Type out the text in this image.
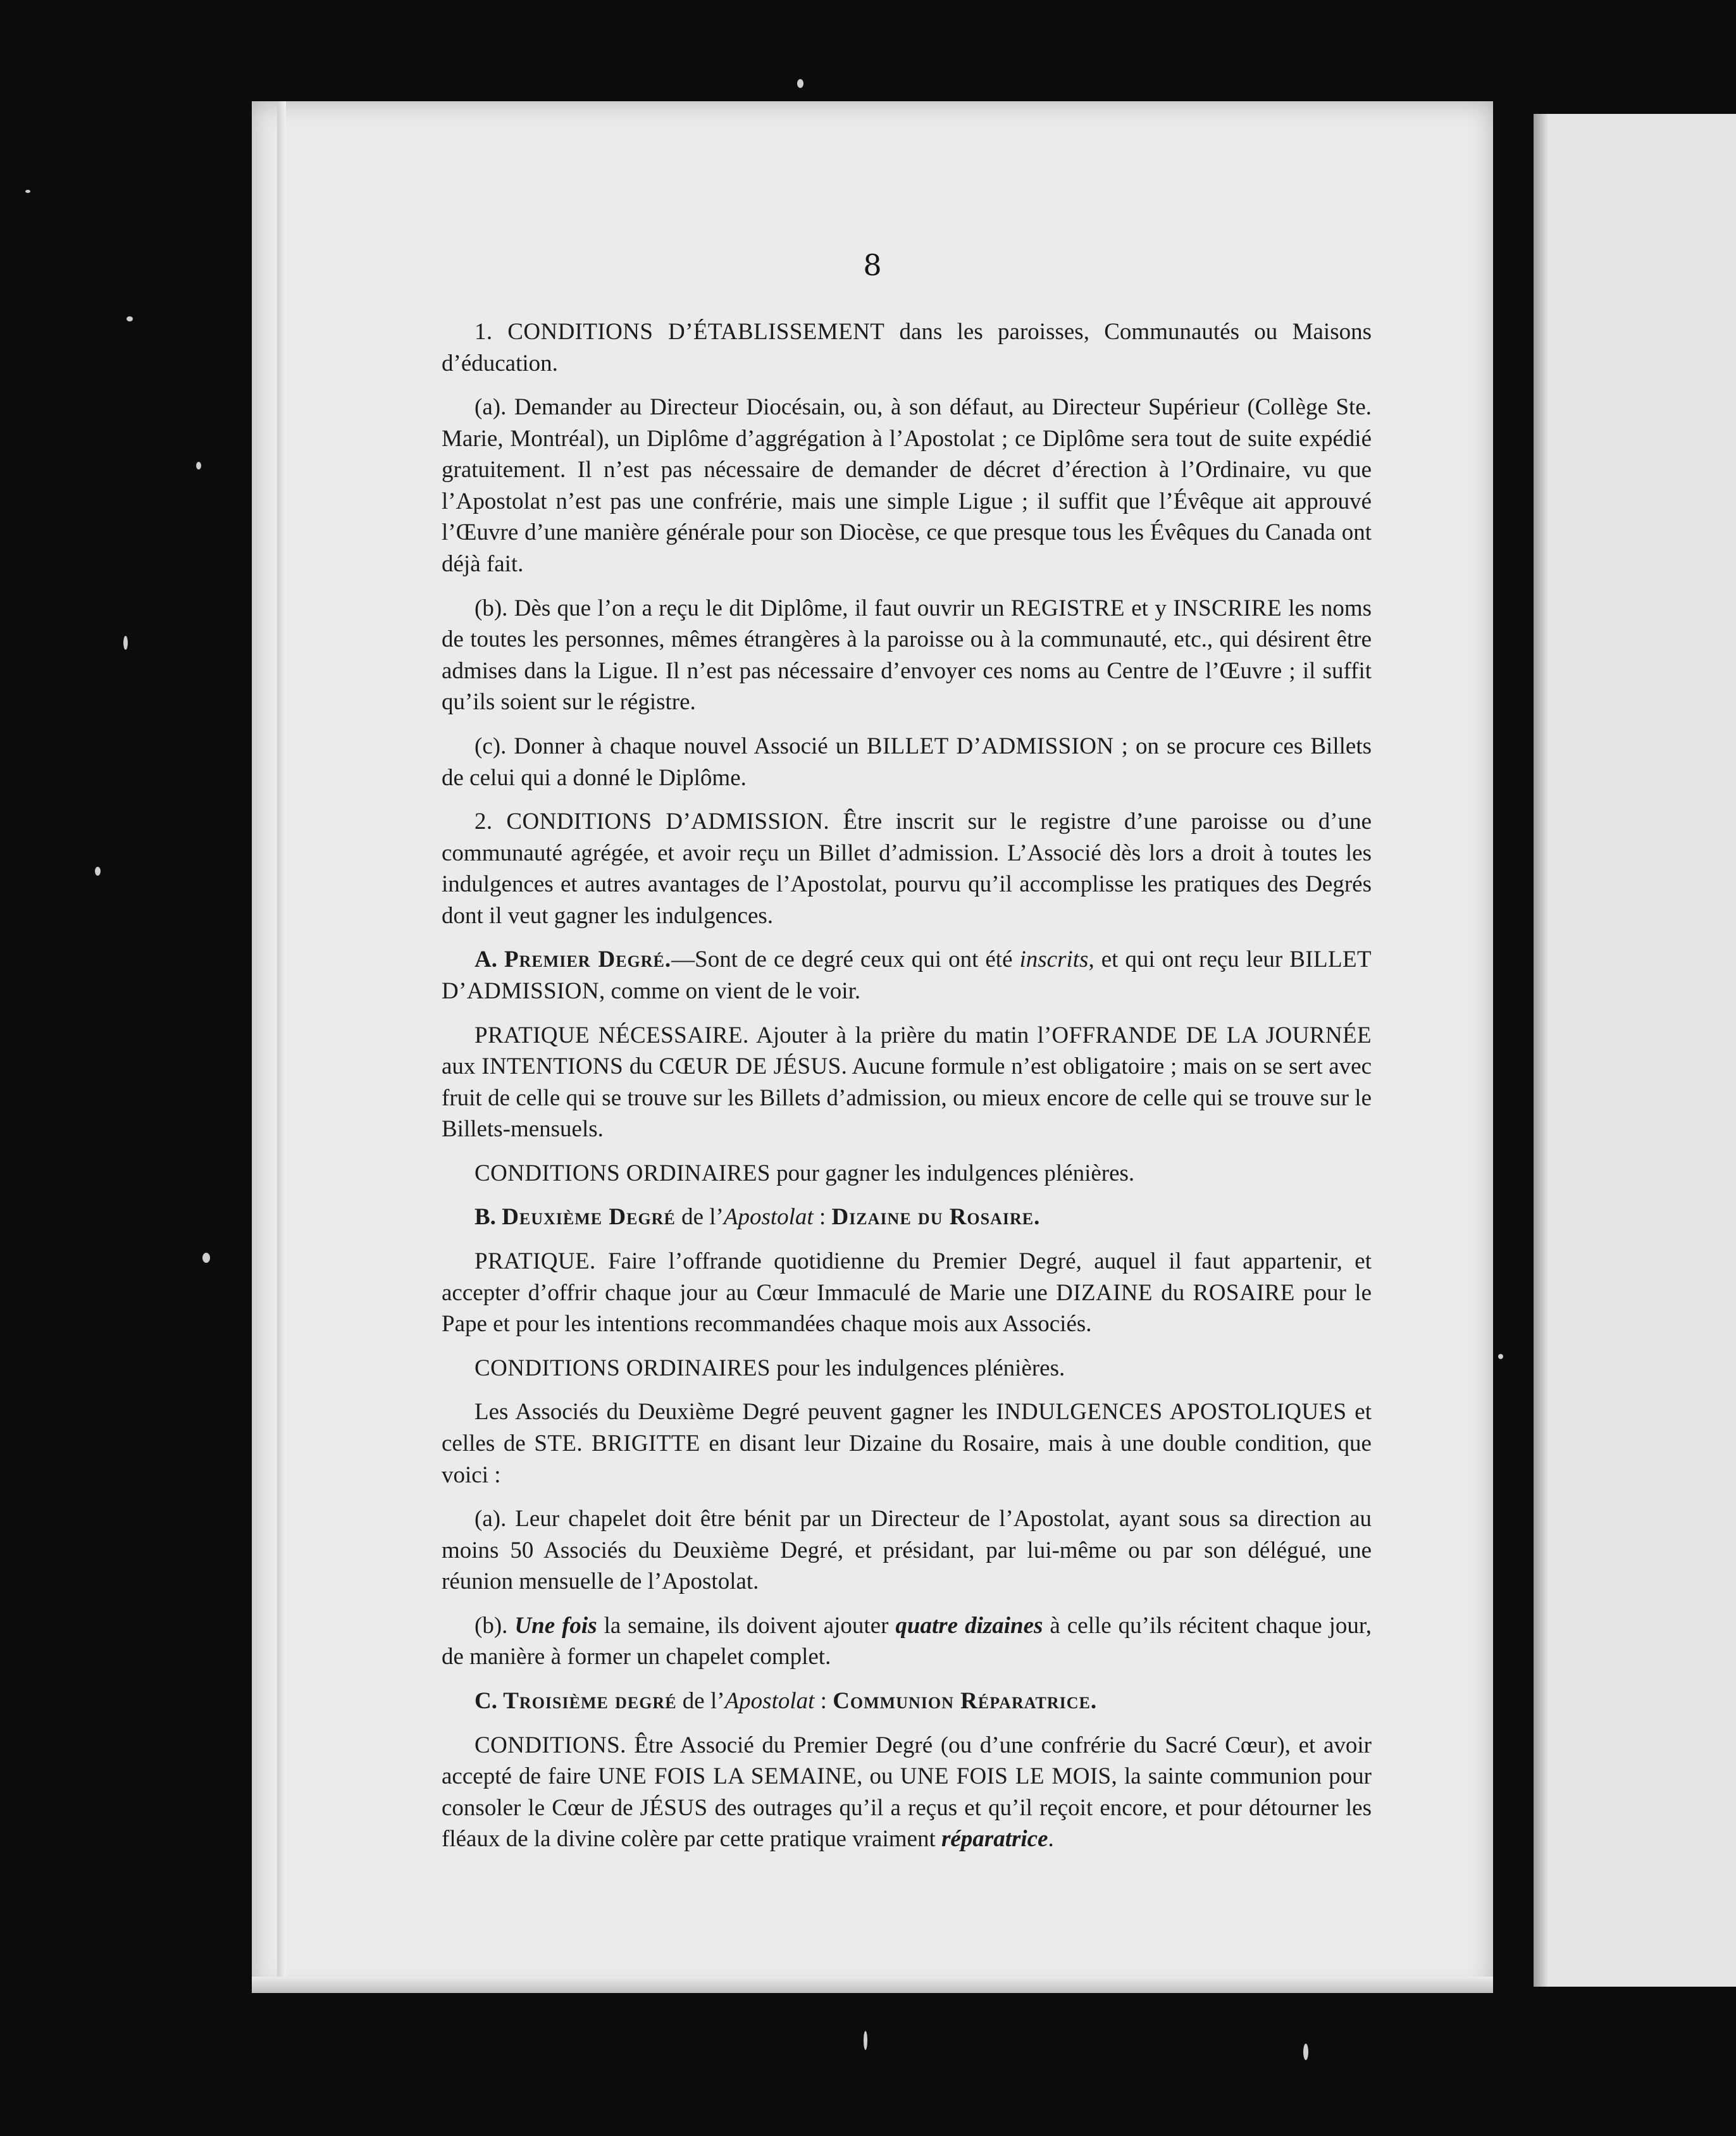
8

1. CONDITIONS D’ÉTABLISSEMENT dans les paroisses, Communautés ou Maisons d’éducation.

(a). Demander au Directeur Diocésain, ou, à son défaut, au Directeur Supérieur (Collège Ste. Marie, Montréal), un Diplôme d’aggrégation à l’Apostolat ; ce Diplôme sera tout de suite expédié gratuitement. Il n’est pas nécessaire de demander de décret d’érection à l’Ordinaire, vu que l’Apostolat n’est pas une confrérie, mais une simple Ligue ; il suffit que l’Évêque ait approuvé l’Œuvre d’une manière générale pour son Diocèse, ce que presque tous les Évêques du Canada ont déjà fait.

(b). Dès que l’on a reçu le dit Diplôme, il faut ouvrir un REGISTRE et y INSCRIRE les noms de toutes les personnes, mêmes étrangères à la paroisse ou à la communauté, etc., qui désirent être admises dans la Ligue. Il n’est pas nécessaire d’envoyer ces noms au Centre de l’Œuvre ; il suffit qu’ils soient sur le régistre.

(c). Donner à chaque nouvel Associé un BILLET D’ADMISSION ; on se procure ces Billets de celui qui a donné le Diplôme.

2. CONDITIONS D’ADMISSION. Être inscrit sur le registre d’une paroisse ou d’une communauté agrégée, et avoir reçu un Billet d’admission. L’Associé dès lors a droit à toutes les indulgences et autres avantages de l’Apostolat, pourvu qu’il accomplisse les pratiques des Degrés dont il veut gagner les indulgences.

A. Premier Degré.—Sont de ce degré ceux qui ont été inscrits, et qui ont reçu leur BILLET D’ADMISSION, comme on vient de le voir.

PRATIQUE NÉCESSAIRE. Ajouter à la prière du matin l’OFFRANDE DE LA JOURNÉE aux INTENTIONS du CŒUR DE JÉSUS. Aucune formule n’est obligatoire ; mais on se sert avec fruit de celle qui se trouve sur les Billets d’admission, ou mieux encore de celle qui se trouve sur le Billets-mensuels.

CONDITIONS ORDINAIRES pour gagner les indulgences plénières.

B. Deuxième Degré de l’Apostolat : Dizaine du Rosaire.

PRATIQUE. Faire l’offrande quotidienne du Premier Degré, auquel il faut appartenir, et accepter d’offrir chaque jour au Cœur Immaculé de Marie une DIZAINE du ROSAIRE pour le Pape et pour les intentions recommandées chaque mois aux Associés.

CONDITIONS ORDINAIRES pour les indulgences plénières.

Les Associés du Deuxième Degré peuvent gagner les INDULGENCES APOSTOLIQUES et celles de STE. BRIGITTE en disant leur Dizaine du Rosaire, mais à une double condition, que voici :

(a). Leur chapelet doit être bénit par un Directeur de l’Apostolat, ayant sous sa direction au moins 50 Associés du Deuxième Degré, et présidant, par lui-même ou par son délégué, une réunion mensuelle de l’Apostolat.

(b). Une fois la semaine, ils doivent ajouter quatre dizaines à celle qu’ils récitent chaque jour, de manière à former un chapelet complet.

C. Troisième degré de l’Apostolat : Communion Réparatrice.

CONDITIONS. Être Associé du Premier Degré (ou d’une confrérie du Sacré Cœur), et avoir accepté de faire UNE FOIS LA SEMAINE, ou UNE FOIS LE MOIS, la sainte communion pour consoler le Cœur de JÉSUS des outrages qu’il a reçus et qu’il reçoit encore, et pour détourner les fléaux de la divine colère par cette pratique vraiment réparatrice.
